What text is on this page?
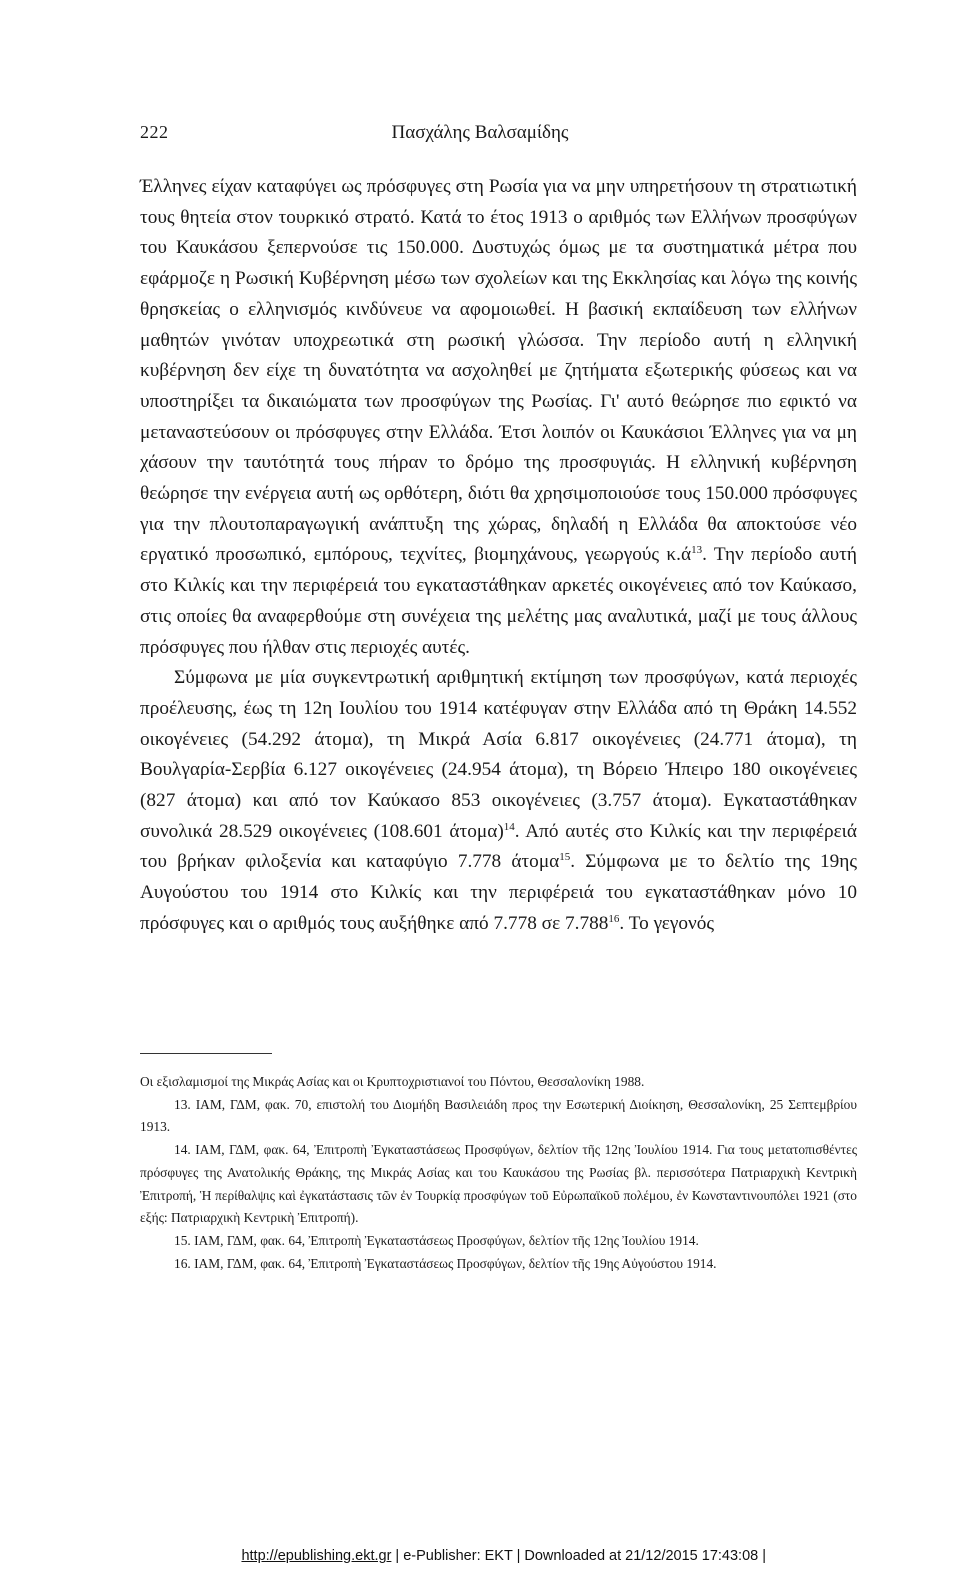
222	Πασχάλης Βαλσαμίδης

Έλληνες είχαν καταφύγει ως πρόσφυγες στη Ρωσία για να μην υπηρετήσουν τη στρατιωτική τους θητεία στον τουρκικό στρατό. Κατά το έτος 1913 ο αριθμός των Ελλήνων προσφύγων του Καυκάσου ξεπερνούσε τις 150.000. Δυστυχώς όμως με τα συστηματικά μέτρα που εφάρμοζε η Ρωσική Κυβέρνηση μέσω των σχολείων και της Εκκλησίας και λόγω της κοινής θρησκείας ο ελληνισμός κινδύνευε να αφομοιωθεί. Η βασική εκπαίδευση των ελλήνων μαθητών γινόταν υποχρεωτικά στη ρωσική γλώσσα. Την περίοδο αυτή η ελληνική κυβέρνηση δεν είχε τη δυνατότητα να ασχοληθεί με ζητήματα εξωτερικής φύσεως και να υποστηρίξει τα δικαιώματα των προσφύγων της Ρωσίας. Γι' αυτό θεώρησε πιο εφικτό να μεταναστεύσουν οι πρόσφυγες στην Ελλάδα. Έτσι λοιπόν οι Καυκάσιοι Έλληνες για να μη χάσουν την ταυτότητά τους πήραν το δρόμο της προσφυγιάς. Η ελληνική κυβέρνηση θεώρησε την ενέργεια αυτή ως ορθότερη, διότι θα χρησιμοποιούσε τους 150.000 πρόσφυγες για την πλουτοπαραγωγική ανάπτυξη της χώρας, δηλαδή η Ελλάδα θα αποκτούσε νέο εργατικό προσωπικό, εμπόρους, τεχνίτες, βιομηχάνους, γεωργούς $\kappa.ά^{13}$. Την περίοδο αυτή στο Κιλκίς και την περιφέρειά του εγκαταστάθηκαν αρκετές οικογένειες από τον Καύκασο, στις οποίες θα αναφερθούμε στη συνέχεια της μελέτης μας αναλυτικά, μαζί με τους άλλους πρόσφυγες που ήλθαν στις περιοχές αυτές.

Σύμφωνα με μία συγκεντρωτική αριθμητική εκτίμηση των προσφύγων, κατά περιοχές προέλευσης, έως τη 12η Ιουλίου του 1914 κατέφυγαν στην Ελλάδα από τη Θράκη 14.552 οικογένειες (54.292 άτομα), τη Μικρά Ασία 6.817 οικογένειες (24.771 άτομα), τη Βουλγαρία-Σερβία 6.127 οικογένειες (24.954 άτομα), τη Βόρειο Ήπειρο 180 οικογένειες (827 άτομα) και από τον Καύκασο 853 οικογένειες (3.757 άτομα). Εγκαταστάθηκαν συνολικά 28.529 οικογένειες (108.601 άτομα)$^{14}$. Από αυτές στο Κιλκίς και την περιφέρειά του βρήκαν φιλοξενία και καταφύγιο 7.778 άτομα$^{15}$. Σύμφωνα με το δελτίο της 19ης Αυγούστου του 1914 στο Κιλκίς και την περιφέρειά του εγκαταστάθηκαν μόνο 10 πρόσφυγες και ο αριθμός τους αυξήθηκε από 7.778 σε 7.788$^{16}$. Το γεγονός

Οι εξισλαμισμοί της Μικράς Ασίας και οι Κρυπτοχριστιανοί του Πόντου, Θεσσαλονίκη 1988.

13. ΙΑΜ, ΓΔΜ, φακ. 70, επιστολή του Διομήδη Βασιλειάδη προς την Εσωτερική Διοίκηση, Θεσσαλονίκη, 25 Σεπτεμβρίου 1913.

14. ΙΑΜ, ΓΔΜ, φακ. 64, Ἐπιτροπὴ Ἐγκαταστάσεως Προσφύγων, δελτίον τῆς 12ης Ἰουλίου 1914. Για τους μετατοπισθέντες πρόσφυγες της Ανατολικής Θράκης, της Μικράς Ασίας και του Καυκάσου της Ρωσίας βλ. περισσότερα Πατριαρχικὴ Κεντρικὴ Ἐπιτροπή, Ἡ περίθαλψις καὶ ἐγκατάστασις τῶν ἐν Τουρκίᾳ προσφύγων τοῦ Εὐρωπαϊκοῦ πολέμου, ἐν Κωνσταντινουπόλει 1921 (στο εξής: Πατριαρχικὴ Κεντρικὴ Ἐπιτροπή).

15. ΙΑΜ, ΓΔΜ, φακ. 64, Ἐπιτροπὴ Ἐγκαταστάσεως Προσφύγων, δελτίον τῆς 12ης Ἰουλίου 1914.

16. ΙΑΜ, ΓΔΜ, φακ. 64, Ἐπιτροπὴ Ἐγκαταστάσεως Προσφύγων, δελτίον τῆς 19ης Αὐγούστου 1914.

http://epublishing.ekt.gr | e-Publisher: EKT | Downloaded at 21/12/2015 17:43:08 |
